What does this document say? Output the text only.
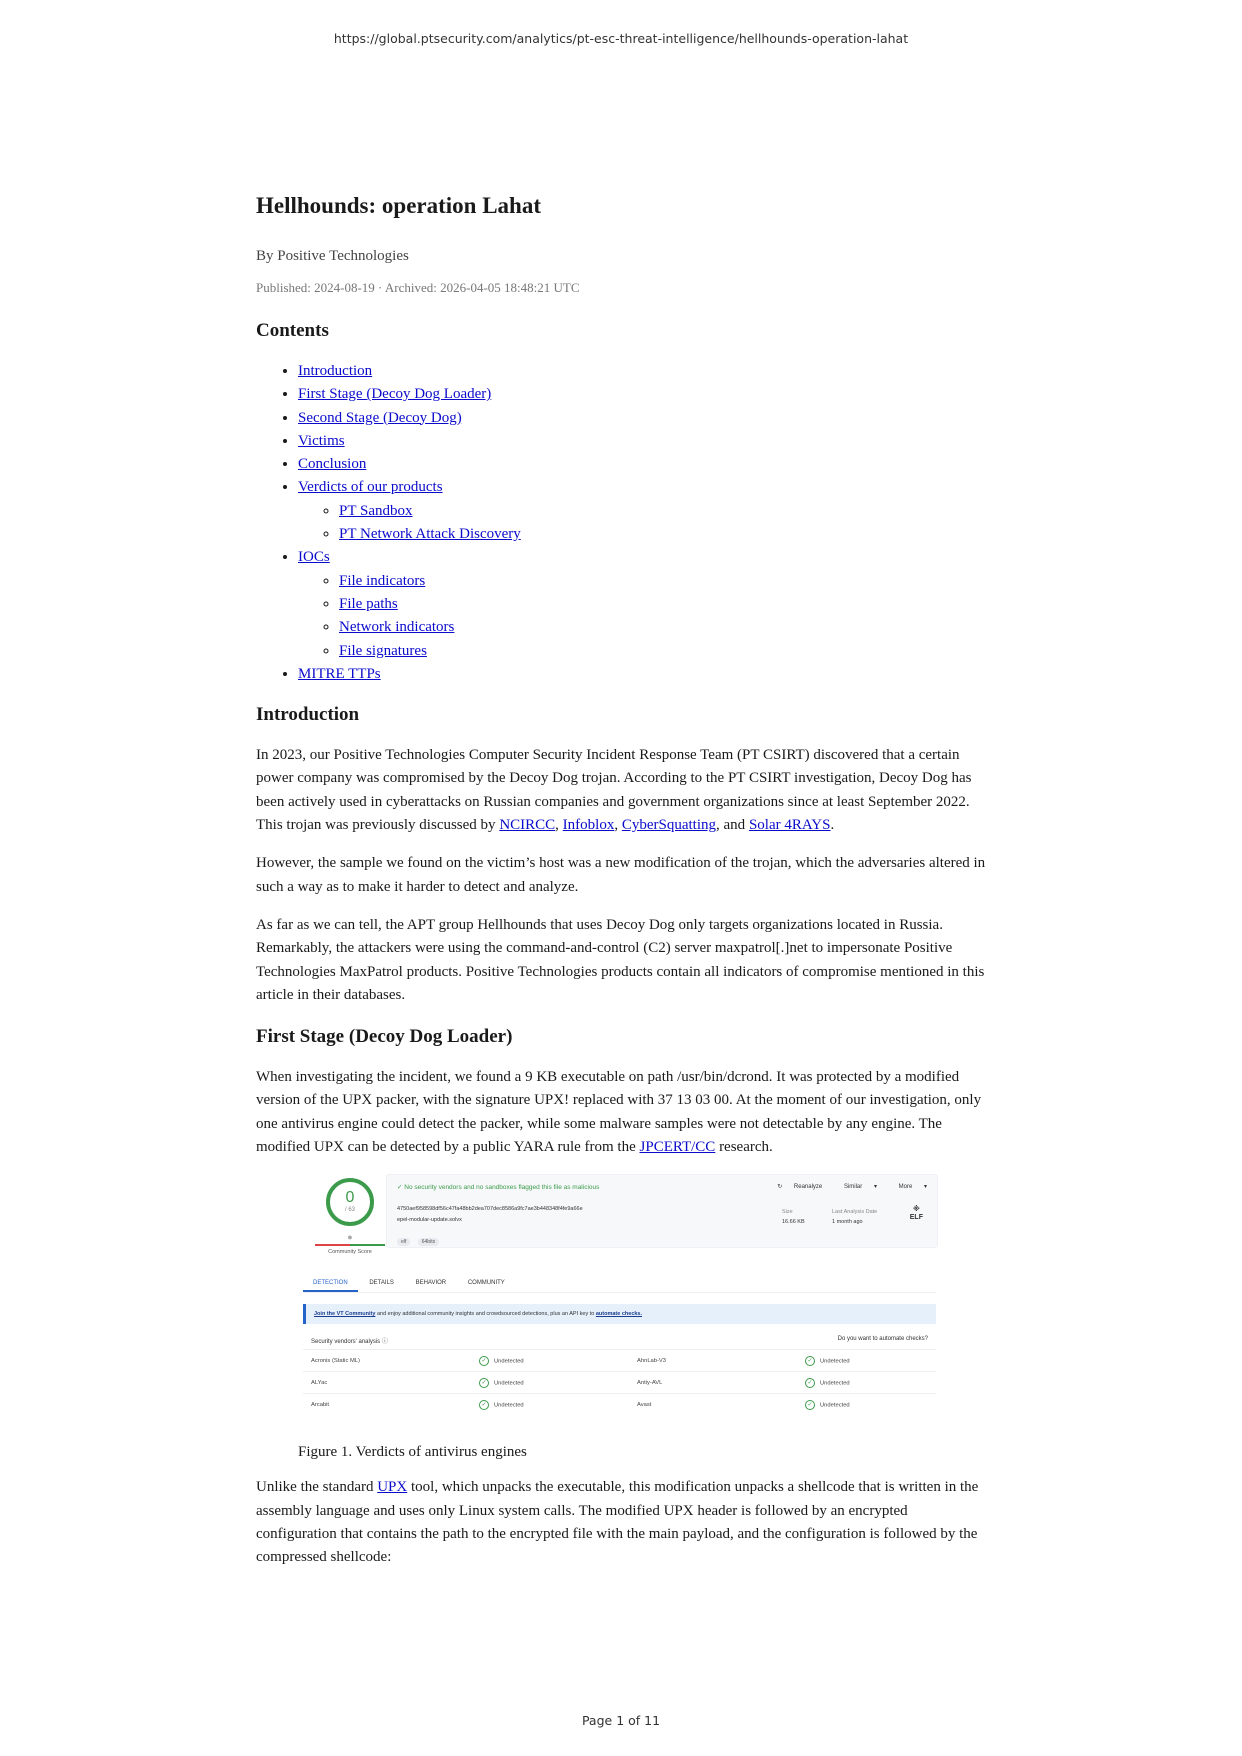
https://global.ptsecurity.com/analytics/pt-esc-threat-intelligence/hellhounds-operation-lahat
Hellhounds: operation Lahat
By Positive Technologies
Published: 2024-08-19 · Archived: 2026-04-05 18:48:21 UTC
Contents
• Introduction
• First Stage (Decoy Dog Loader)
• Second Stage (Decoy Dog)
• Victims
• Conclusion
• Verdicts of our products
◦ PT Sandbox
◦ PT Network Attack Discovery
• IOCs
◦ File indicators
◦ File paths
◦ Network indicators
◦ File signatures
• MITRE TTPs
Introduction

In 2023, our Positive Technologies Computer Security Incident Response Team (PT CSIRT) discovered that a certain power company was compromised by the Decoy Dog trojan. According to the PT CSIRT investigation, Decoy Dog has been actively used in cyberattacks on Russian companies and government organizations since at least September 2022. This trojan was previously discussed by NCIRCC, Infoblox, CyberSquatting, and Solar 4RAYS.

However, the sample we found on the victim’s host was a new modification of the trojan, which the adversaries altered in such a way as to make it harder to detect and analyze.

As far as we can tell, the APT group Hellhounds that uses Decoy Dog only targets organizations located in Russia. Remarkably, the attackers were using the command-and-control (C2) server maxpatrol[.]net to impersonate Positive Technologies MaxPatrol products. Positive Technologies products contain all indicators of compromise mentioned in this article in their databases.

First Stage (Decoy Dog Loader)

When investigating the incident, we found a 9 KB executable on path /usr/bin/dcrond. It was protected by a modified version of the UPX packer, with the signature UPX! replaced with 37 13 03 00. At the moment of our investigation, only one antivirus engine could detect the packer, while some malware samples were not detectable by any engine. The modified UPX can be detected by a public YARA rule from the JPCERT/CC research.

0
/ 63
●
Community Score
✓ No security vendors and no sandboxes flagged this file as malicious	↻ Reanalyze	Similar ▾	More ▾
4750aef958598df56c47fa48bb2dea707dec8586a9fc7ae3b448348f4fe9a66e
epel-modular-update.solvx
elf	64bits
Size
16.66 KB
Last Analysis Date
1 month ago
※
ELF
DETECTION	DETAILS	BEHAVIOR	COMMUNITY
Join the VT Community and enjoy additional community insights and crowdsourced detections, plus an API key to automate checks.
Security vendors' analysis ⓘ	Do you want to automate checks?
Acronis (Static ML)	✓ Undetected	AhnLab-V3	✓ Undetected
ALYac	✓ Undetected	Antiy-AVL	✓ Undetected
Arcabit	✓ Undetected	Avast	✓ Undetected
Figure 1. Verdicts of antivirus engines

Unlike the standard UPX tool, which unpacks the executable, this modification unpacks a shellcode that is written in the assembly language and uses only Linux system calls. The modified UPX header is followed by an encrypted configuration that contains the path to the encrypted file with the main payload, and the configuration is followed by the compressed shellcode:

Page 1 of 11
